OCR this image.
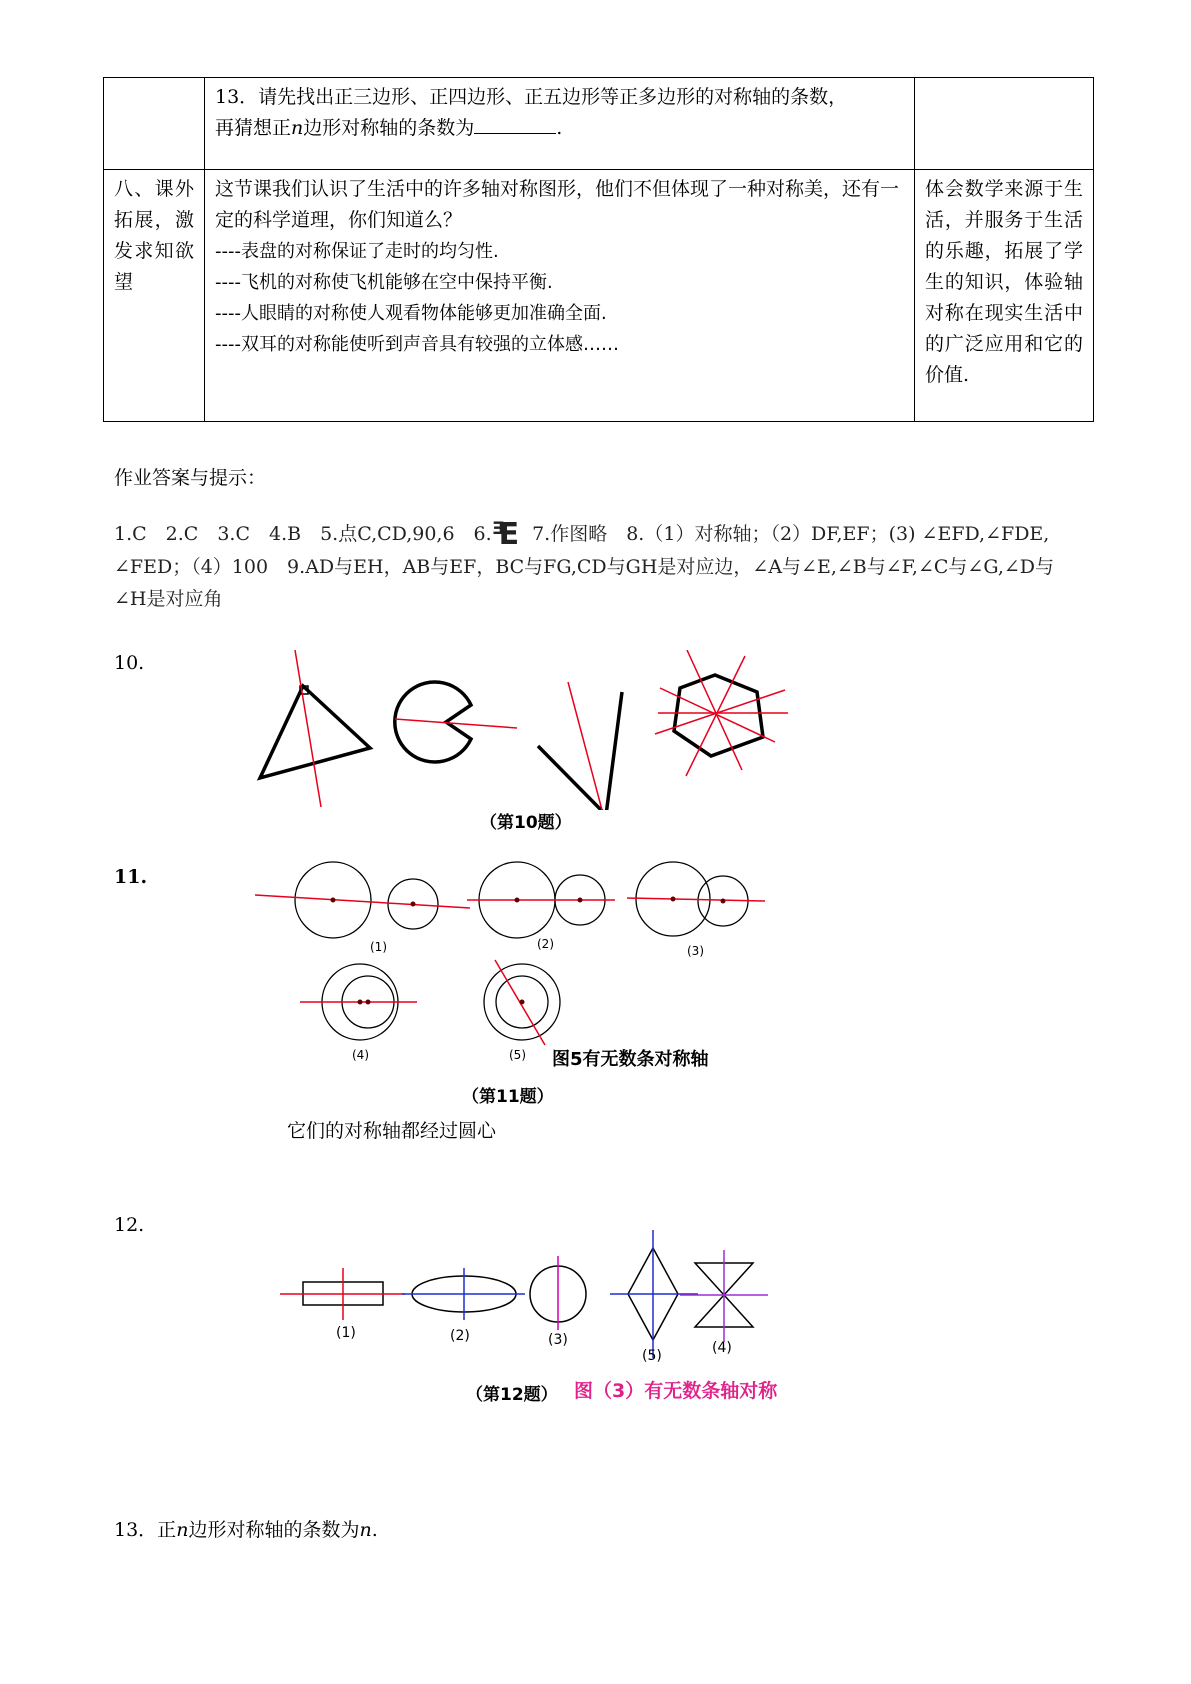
	13．请先找出正三边形、正四边形、正五边形等正多边形的对称轴的条数，
再猜想正n边形对称轴的条数为 .	

八、课外拓展，激发求知欲望	这节课我们认识了生活中的许多轴对称图形，他们不但体现了一种对称美，还有一定的科学道理，你们知道么？
----表盘的对称保证了走时的均匀性.
----飞机的对称使飞机能够在空中保持平衡.
----人眼睛的对称使人观看物体能够更加准确全面.
----双耳的对称能使听到声音具有较强的立体感……	体会数学来源于生活，并服务于生活的乐趣，拓展了学生的知识，体验轴对称在现实生活中的广泛应用和它的价值.
作业答案与提示：
1.C　2.C　3.C　4.B　5.点C,CD,90,6　6.ᴲE　7.作图略　8.（1）对称轴；（2）DF,EF；(3) ∠EFD,∠FDE, ∠FED；（4）100　9.AD与EH，AB与EF，BC与FG,CD与GH是对应边，∠A与∠E,∠B与∠F,∠C与∠G,∠D与∠H是对应角
10.
（第10题）
11.
(1)	(2)	(3)
(4)	(5) 图5有无数条对称轴
（第11题）
它们的对称轴都经过圆心
12.
(1)	(2)	(3)
(5)	(4)
（第12题） 图（3）有无数条轴对称
13．正n边形对称轴的条数为n.
